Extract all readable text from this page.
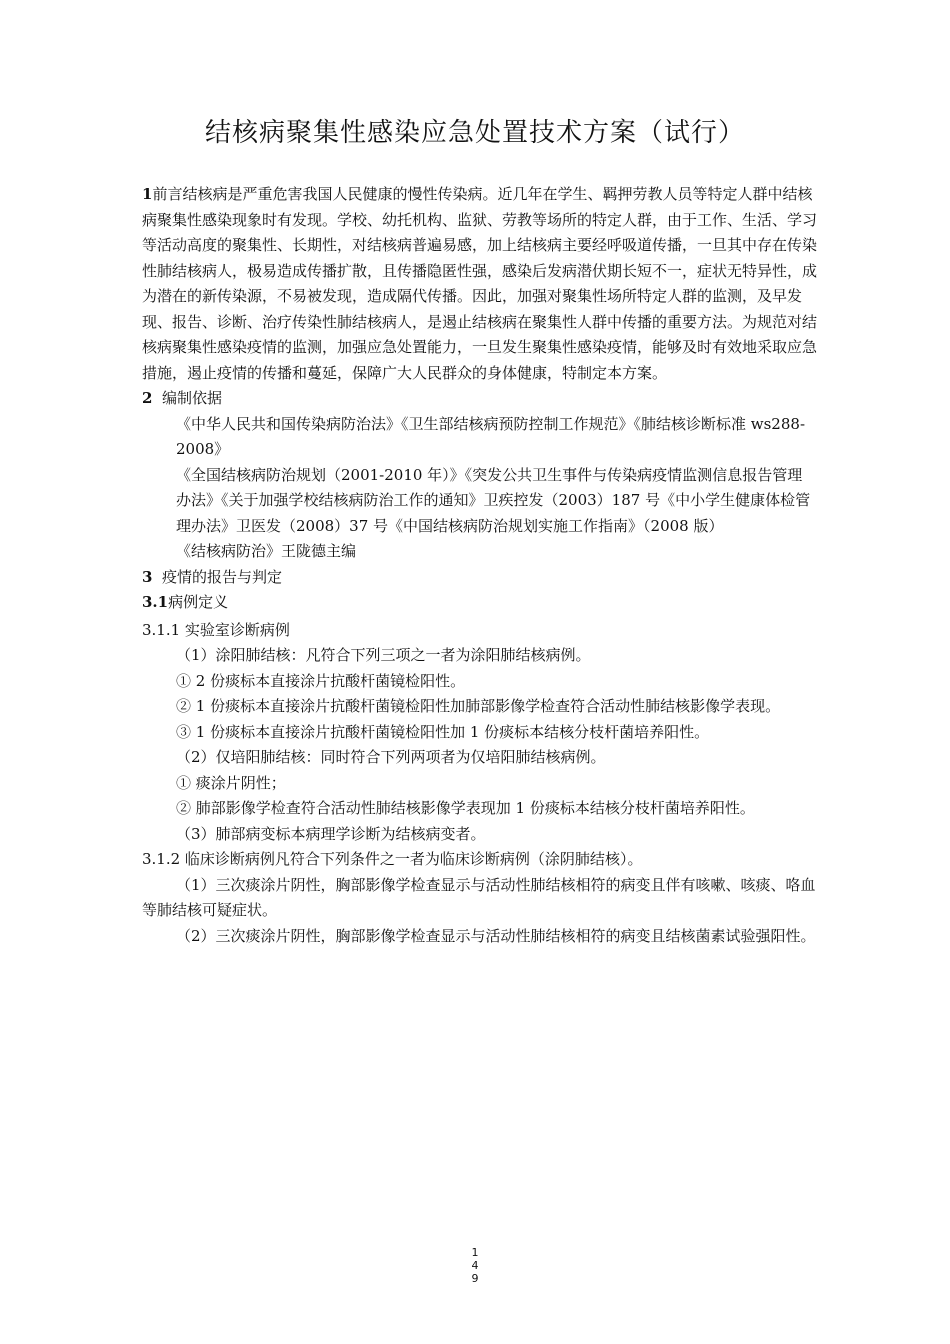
结核病聚集性感染应急处置技术方案（试行）

1前言结核病是严重危害我国人民健康的慢性传染病。近几年在学生、羁押劳教人员等特定人群中结核病聚集性感染现象时有发现。学校、幼托机构、监狱、劳教等场所的特定人群，由于工作、生活、学习等活动高度的聚集性、长期性，对结核病普遍易感，加上结核病主要经呼吸道传播，一旦其中存在传染性肺结核病人，极易造成传播扩散，且传播隐匿性强，感染后发病潜伏期长短不一，症状无特异性，成为潜在的新传染源，不易被发现，造成隔代传播。因此，加强对聚集性场所特定人群的监测，及早发现、报告、诊断、治疗传染性肺结核病人，是遏止结核病在聚集性人群中传播的重要方法。为规范对结核病聚集性感染疫情的监测，加强应急处置能力，一旦发生聚集性感染疫情，能够及时有效地采取应急措施，遏止疫情的传播和蔓延，保障广大人民群众的身体健康，特制定本方案。

2 编制依据

《中华人民共和国传染病防治法》《卫生部结核病预防控制工作规范》《肺结核诊断标准 ws288-2008》

《全国结核病防治规划（2001-2010 年）》《突发公共卫生事件与传染病疫情监测信息报告管理办法》《关于加强学校结核病防治工作的通知》卫疾控发（2003）187 号《中小学生健康体检管理办法》卫医发（2008）37 号《中国结核病防治规划实施工作指南》（2008 版）

《结核病防治》王陇德主编

3 疫情的报告与判定

3.1病例定义

3.1.1 实验室诊断病例

（1）涂阳肺结核：凡符合下列三项之一者为涂阳肺结核病例。

① 2 份痰标本直接涂片抗酸杆菌镜检阳性。

② 1 份痰标本直接涂片抗酸杆菌镜检阳性加肺部影像学检查符合活动性肺结核影像学表现。

③ 1 份痰标本直接涂片抗酸杆菌镜检阳性加 1 份痰标本结核分枝杆菌培养阳性。

（2）仅培阳肺结核：同时符合下列两项者为仅培阳肺结核病例。

① 痰涂片阴性；

② 肺部影像学检查符合活动性肺结核影像学表现加 1 份痰标本结核分枝杆菌培养阳性。

（3）肺部病变标本病理学诊断为结核病变者。

3.1.2 临床诊断病例凡符合下列条件之一者为临床诊断病例（涂阴肺结核）。

（1）三次痰涂片阴性，胸部影像学检查显示与活动性肺结核相符的病变且伴有咳嗽、咳痰、咯血等肺结核可疑症状。

（2）三次痰涂片阴性，胸部影像学检查显示与活动性肺结核相符的病变且结核菌素试验强阳性。

1
4
9
